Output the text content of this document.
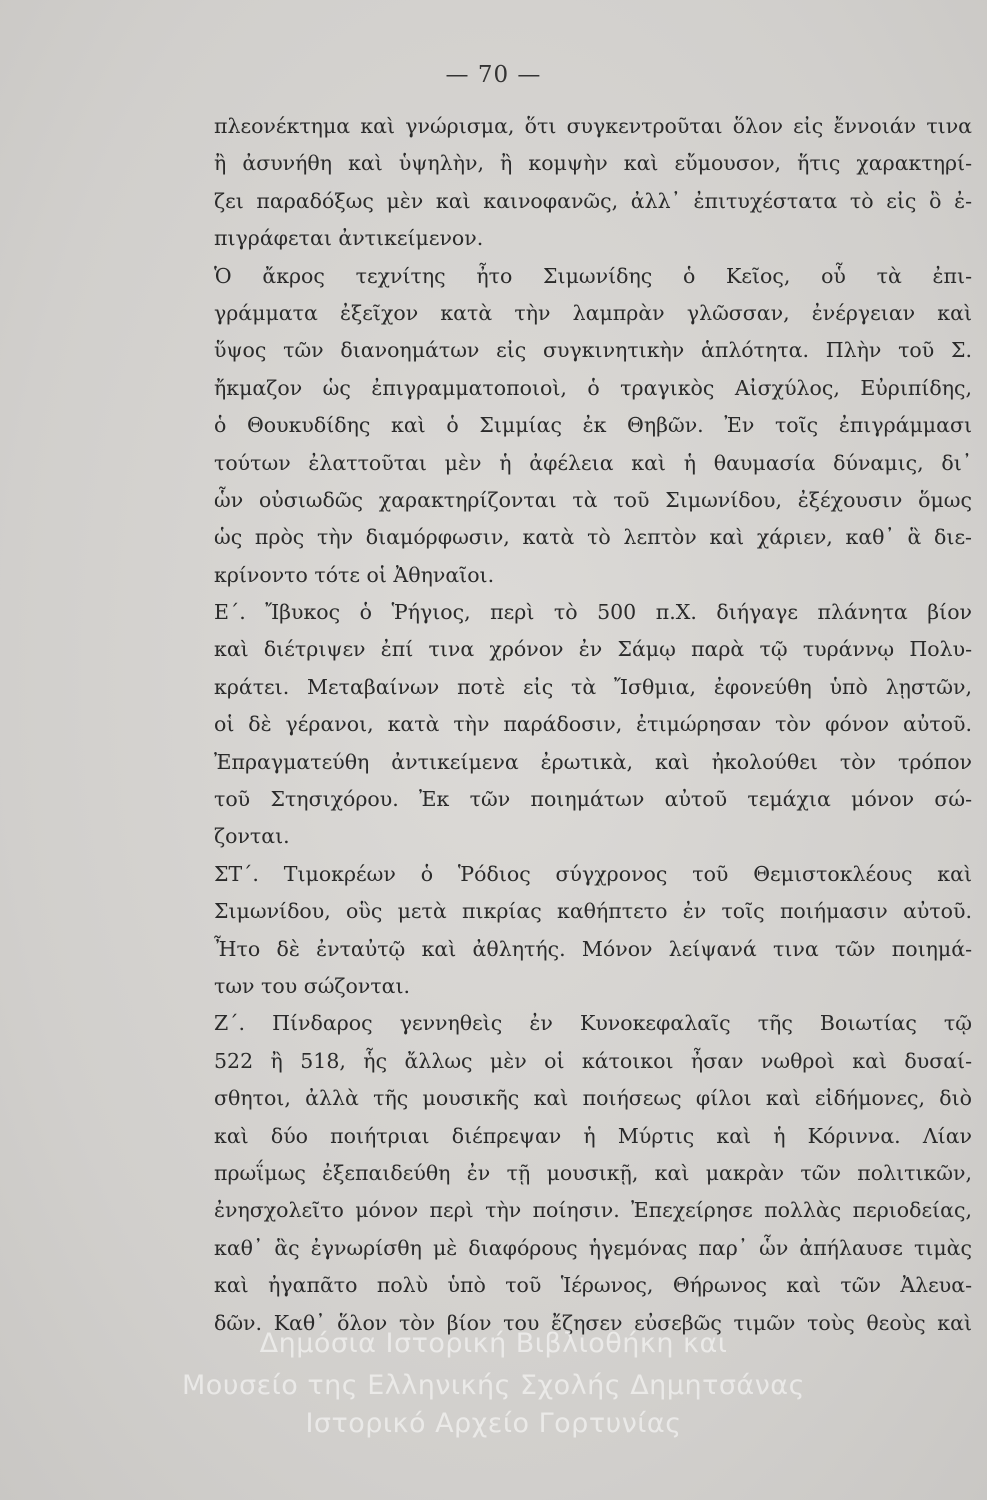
— 70 —
πλεονέκτημα καὶ γνώρισμα, ὅτι συγκεντροῦται ὅλον εἰς ἔννοιάν τινα
ἢ ἀσυνήθη καὶ ὑψηλὴν, ἢ κομψὴν καὶ εὔμουσον, ἥτις χαρακτηρί-
ζει παραδόξως μὲν καὶ καινοφανῶς, ἀλλ᾽ ἐπιτυχέστατα τὸ εἰς ὃ ἐ-
πιγράφεται ἀντικείμενον.
Ὁ ἄκρος τεχνίτης ἦτο Σιμωνίδης ὁ Κεῖος, οὗ τὰ ἐπι-
γράμματα ἐξεῖχον κατὰ τὴν λαμπρὰν γλῶσσαν, ἐνέργειαν καὶ
ὕψος τῶν διανοημάτων εἰς συγκινητικὴν ἁπλότητα. Πλὴν τοῦ Σ.
ἤκμαζον ὡς ἐπιγραμματοποιοὶ, ὁ τραγικὸς Αἰσχύλος, Εὐριπίδης,
ὁ Θουκυδίδης καὶ ὁ Σιμμίας ἐκ Θηβῶν. Ἐν τοῖς ἐπιγράμμασι
τούτων ἐλαττοῦται μὲν ἡ ἀφέλεια καὶ ἡ θαυμασία δύναμις, δι᾽
ὧν οὐσιωδῶς χαρακτηρίζονται τὰ τοῦ Σιμωνίδου, ἐξέχουσιν ὅμως
ὡς πρὸς τὴν διαμόρφωσιν, κατὰ τὸ λεπτὸν καὶ χάριεν, καθ᾽ ἃ διε-
κρίνοντο τότε οἱ Ἀθηναῖοι.
Ε΄. Ἴβυκος ὁ Ῥήγιος, περὶ τὸ 500 π.Χ. διήγαγε πλάνητα βίον
καὶ διέτριψεν ἐπί τινα χρόνον ἐν Σάμῳ παρὰ τῷ τυράννῳ Πολυ-
κράτει. Μεταβαίνων ποτὲ εἰς τὰ Ἴσθμια, ἐφονεύθη ὑπὸ λῃστῶν,
οἱ δὲ γέρανοι, κατὰ τὴν παράδοσιν, ἐτιμώρησαν τὸν φόνον αὐτοῦ.
Ἐπραγματεύθη ἀντικείμενα ἐρωτικὰ, καὶ ἠκολούθει τὸν τρόπον
τοῦ Στησιχόρου. Ἐκ τῶν ποιημάτων αὐτοῦ τεμάχια μόνον σώ-
ζονται.
ΣΤ΄. Τιμοκρέων ὁ Ῥόδιος σύγχρονος τοῦ Θεμιστοκλέους καὶ
Σιμωνίδου, οὓς μετὰ πικρίας καθήπτετο ἐν τοῖς ποιήμασιν αὐτοῦ.
Ἦτο δὲ ἐνταὐτῷ καὶ ἀθλητής. Μόνον λείψανά τινα τῶν ποιημά-
των του σώζονται.
Ζ΄. Πίνδαρος γεννηθεὶς ἐν Κυνοκεφαλαῖς τῆς Βοιωτίας τῷ
522 ἢ 518, ἧς ἄλλως μὲν οἱ κάτοικοι ἦσαν νωθροὶ καὶ δυσαί-
σθητοι, ἀλλὰ τῆς μουσικῆς καὶ ποιήσεως φίλοι καὶ εἰδήμονες, διὸ
καὶ δύο ποιήτριαι διέπρεψαν ἡ Μύρτις καὶ ἡ Κόριννα. Λίαν
πρωΐμως ἐξεπαιδεύθη ἐν τῇ μουσικῇ, καὶ μακρὰν τῶν πολιτικῶν,
ἐνησχολεῖτο μόνον περὶ τὴν ποίησιν. Ἐπεχείρησε πολλὰς περιοδείας,
καθ᾽ ἃς ἐγνωρίσθη μὲ διαφόρους ἡγεμόνας παρ᾽ ὧν ἀπήλαυσε τιμὰς
καὶ ἠγαπᾶτο πολὺ ὑπὸ τοῦ Ἱέρωνος, Θήρωνος καὶ τῶν Ἀλευα-
δῶν. Καθ᾽ ὅλον τὸν βίον του ἔζησεν εὐσεβῶς τιμῶν τοὺς θεοὺς καὶ
Δημόσια Ιστορική Βιβλιοθήκη και
Μουσείο της Ελληνικής Σχολής Δημητσάνας
Ιστορικό Αρχείο Γορτυνίας
